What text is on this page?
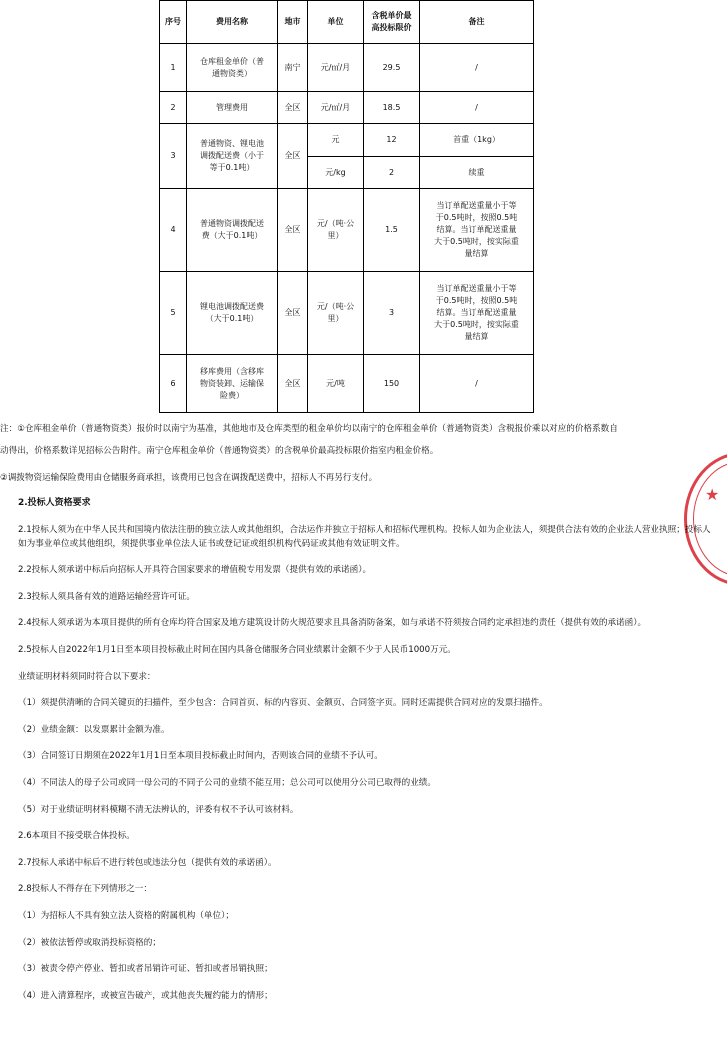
序号	费用名称	地市	单位	含税单价最
高投标限价	备注
1	仓库租金单价（普
通物资类）	南宁	元/㎡/月	29.5	/
2	管理费用	全区	元/㎡/月	18.5	/
3	普通物资、锂电池
调拨配送费（小于
等于0.1吨）	全区	元	12	首重（1kg）
			元/kg	2	续重
4	普通物资调拨配送
费（大于0.1吨）	全区	元/（吨·公
里）	1.5	当订单配送重量小于等
于0.5吨时，按照0.5吨
结算。当订单配送重量
大于0.5吨时，按实际重
量结算
5	锂电池调拨配送费
（大于0.1吨）	全区	元/（吨·公
里）	3	当订单配送重量小于等
于0.5吨时，按照0.5吨
结算。当订单配送重量
大于0.5吨时，按实际重
量结算
6	移库费用（含移库
物资装卸、运输保
险费）	全区	元/吨	150	/

注：①仓库租金单价（普通物资类）报价时以南宁为基准，其他地市及仓库类型的租金单价均以南宁的仓库租金单价（普通物资类）含税报价乘以对应的价格系数自

动得出，价格系数详见招标公告附件。南宁仓库租金单价（普通物资类）的含税单价最高投标限价指室内租金价格。

②调拨物资运输保险费用由仓储服务商承担，该费用已包含在调拨配送费中，招标人不再另行支付。

★
2.投标人资格要求

2.1投标人须为在中华人民共和国境内依法注册的独立法人或其他组织，合法运作并独立于招标人和招标代理机构。投标人如为企业法人，须提供合法有效的企业法人营业执照；投标人如为事业单位或其他组织，须提供事业单位法人证书或登记证或组织机构代码证或其他有效证明文件。

2.2投标人须承诺中标后向招标人开具符合国家要求的增值税专用发票（提供有效的承诺函）。

2.3投标人须具备有效的道路运输经营许可证。

2.4投标人须承诺为本项目提供的所有仓库均符合国家及地方建筑设计防火规范要求且具备消防备案，如与承诺不符须按合同约定承担违约责任（提供有效的承诺函）。

2.5投标人自2022年1月1日至本项目投标截止时间在国内具备仓储服务合同业绩累计金额不少于人民币1000万元。

业绩证明材料须同时符合以下要求：

（1）须提供清晰的合同关键页的扫描件，至少包含：合同首页、标的内容页、金额页、合同签字页。同时还需提供合同对应的发票扫描件。

（2）业绩金额：以发票累计金额为准。

（3）合同签订日期须在2022年1月1日至本项目投标截止时间内，否则该合同的业绩不予认可。

（4）不同法人的母子公司或同一母公司的不同子公司的业绩不能互用；总公司可以使用分公司已取得的业绩。

（5）对于业绩证明材料模糊不清无法辨认的，评委有权不予认可该材料。

2.6本项目不接受联合体投标。

2.7投标人承诺中标后不进行转包或违法分包（提供有效的承诺函）。

2.8投标人不得存在下列情形之一：

（1）为招标人不具有独立法人资格的附属机构（单位）；

（2）被依法暂停或取消投标资格的；

（3）被责令停产停业、暂扣或者吊销许可证、暂扣或者吊销执照；

（4）进入清算程序，或被宣告破产，或其他丧失履约能力的情形；
